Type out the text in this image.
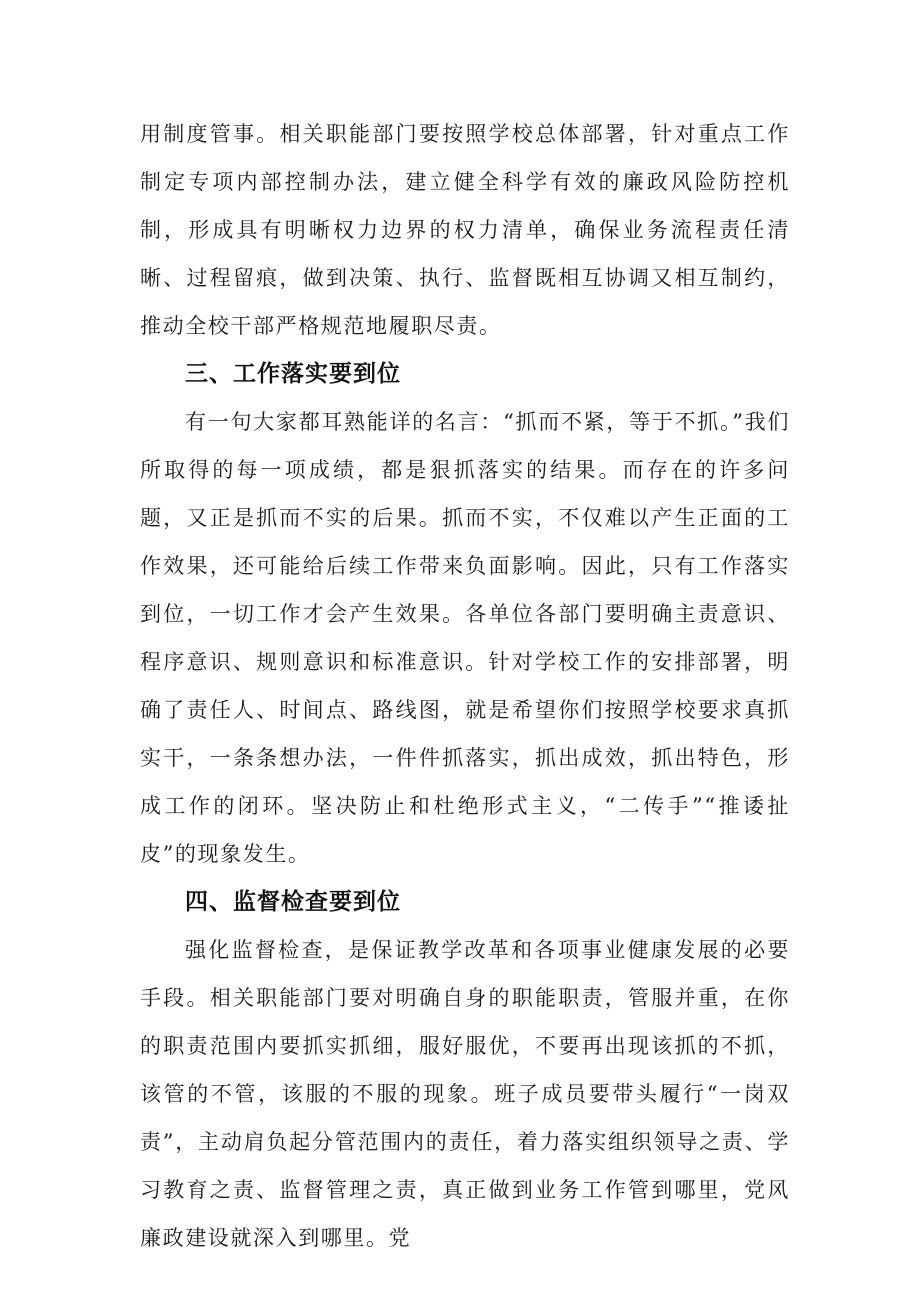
用制度管事。相关职能部门要按照学校总体部署，针对重点工作制定专项内部控制办法，建立健全科学有效的廉政风险防控机制，形成具有明晰权力边界的权力清单，确保业务流程责任清晰、过程留痕，做到决策、执行、监督既相互协调又相互制约，推动全校干部严格规范地履职尽责。

三、工作落实要到位

有一句大家都耳熟能详的名言：“抓而不紧，等于不抓。”我们所取得的每一项成绩，都是狠抓落实的结果。而存在的许多问题，又正是抓而不实的后果。抓而不实，不仅难以产生正面的工作效果，还可能给后续工作带来负面影响。因此，只有工作落实到位，一切工作才会产生效果。各单位各部门要明确主责意识、程序意识、规则意识和标准意识。针对学校工作的安排部署，明确了责任人、时间点、路线图，就是希望你们按照学校要求真抓实干，一条条想办法，一件件抓落实，抓出成效，抓出特色，形成工作的闭环。坚决防止和杜绝形式主义，“二传手”“推诿扯皮”的现象发生。

四、监督检查要到位

强化监督检查，是保证教学改革和各项事业健康发展的必要手段。相关职能部门要对明确自身的职能职责，管服并重，在你的职责范围内要抓实抓细，服好服优，不要再出现该抓的不抓，该管的不管，该服的不服的现象。班子成员要带头履行“一岗双责”，主动肩负起分管范围内的责任，着力落实组织领导之责、学习教育之责、监督管理之责，真正做到业务工作管到哪里，党风廉政建设就深入到哪里。党
